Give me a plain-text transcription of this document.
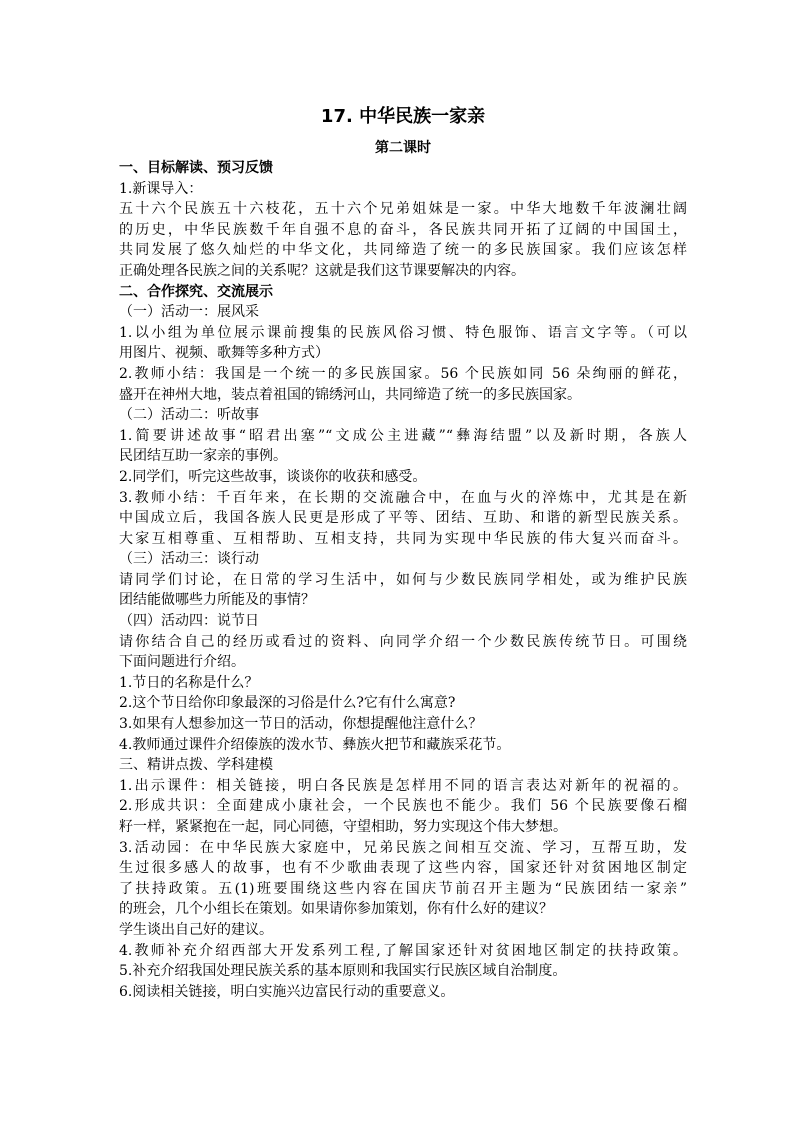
17. 中华民族一家亲
第二课时
一、目标解读、预习反馈
1.新课导入：
五十六个民族五十六枝花，五十六个兄弟姐妹是一家。中华大地数千年波澜壮阔
的历史，中华民族数千年自强不息的奋斗，各民族共同开拓了辽阔的中国国土，
共同发展了悠久灿烂的中华文化，共同缔造了统一的多民族国家。我们应该怎样
正确处理各民族之间的关系呢？这就是我们这节课要解决的内容。
二、合作探究、交流展示
（一）活动一：展风采
1.以小组为单位展示课前搜集的民族风俗习惯、特色服饰、语言文字等。（可以
用图片、视频、歌舞等多种方式）
2.教师小结：我国是一个统一的多民族国家。56 个民族如同 56 朵绚丽的鲜花，
盛开在神州大地，装点着祖国的锦绣河山，共同缔造了统一的多民族国家。
（二）活动二：听故事
1.简要讲述故事“昭君出塞”“文成公主进藏”“彝海结盟”以及新时期，各族人
民团结互助一家亲的事例。
2.同学们，听完这些故事，谈谈你的收获和感受。
3.教师小结：千百年来，在长期的交流融合中，在血与火的淬炼中，尤其是在新
中国成立后，我国各族人民更是形成了平等、团结、互助、和谐的新型民族关系。
大家互相尊重、互相帮助、互相支持，共同为实现中华民族的伟大复兴而奋斗。
（三）活动三：谈行动
请同学们讨论，在日常的学习生活中，如何与少数民族同学相处，或为维护民族
团结能做哪些力所能及的事情？
（四）活动四：说节日
请你结合自己的经历或看过的资料、向同学介绍一个少数民族传统节日。可围绕
下面问题进行介绍。
1.节日的名称是什么？
2.这个节日给你印象最深的习俗是什么?它有什么寓意?
3.如果有人想参加这一节日的活动，你想提醒他注意什么？
4.教师通过课件介绍傣族的泼水节、彝族火把节和藏族采花节。
三、精讲点拨、学科建模
1.出示课件：相关链接，明白各民族是怎样用不同的语言表达对新年的祝福的。
2.形成共识：全面建成小康社会，一个民族也不能少。我们 56 个民族要像石榴
籽一样，紧紧抱在一起，同心同德，守望相助，努力实现这个伟大梦想。
3.活动园：在中华民族大家庭中，兄弟民族之间相互交流、学习，互帮互助，发
生过很多感人的故事，也有不少歌曲表现了这些内容，国家还针对贫困地区制定
了扶持政策。五(1)班要围绕这些内容在国庆节前召开主题为“民族团结一家亲”
的班会，几个小组长在策划。如果请你参加策划，你有什么好的建议？
学生谈出自己好的建议。
4.教师补充介绍西部大开发系列工程,了解国家还针对贫困地区制定的扶持政策。
5.补充介绍我国处理民族关系的基本原则和我国实行民族区域自治制度。
6.阅读相关链接，明白实施兴边富民行动的重要意义。
